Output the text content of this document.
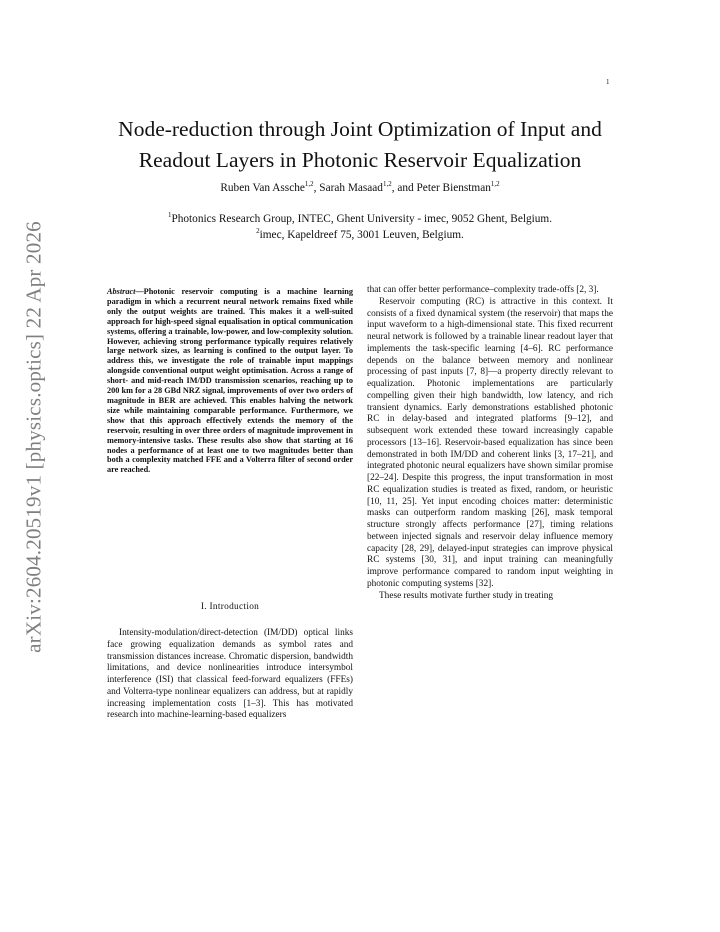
1
arXiv:2604.20519v1 [physics.optics] 22 Apr 2026
Node-reduction through Joint Optimization of Input and Readout Layers in Photonic Reservoir Equalization
Ruben Van Assche$^{1,2}$, Sarah Masaad$^{1,2}$, and Peter Bienstman$^{1,2}$
$^1$Photonics Research Group, INTEC, Ghent University - imec, 9052 Ghent, Belgium.
$^2$imec, Kapeldreef 75, 3001 Leuven, Belgium.
Abstract—Photonic reservoir computing is a machine learning paradigm in which a recurrent neural network remains fixed while only the output weights are trained. This makes it a well-suited approach for high-speed signal equalisation in optical communication systems, offering a trainable, low-power, and low-complexity solution. However, achieving strong performance typically requires relatively large network sizes, as learning is confined to the output layer. To address this, we investigate the role of trainable input mappings alongside conventional output weight optimisation. Across a range of short- and mid-reach IM/DD transmission scenarios, reaching up to 200 km for a 28 GBd NRZ signal, improvements of over two orders of magnitude in BER are achieved. This enables halving the network size while maintaining comparable performance. Furthermore, we show that this approach effectively extends the memory of the reservoir, resulting in over three orders of magnitude improvement in memory-intensive tasks. These results also show that starting at 16 nodes a performance of at least one to two magnitudes better than both a complexity matched FFE and a Volterra filter of second order are reached.
I. Introduction

Intensity-modulation/direct-detection (IM/DD) optical links face growing equalization demands as symbol rates and transmission distances increase. Chromatic dispersion, bandwidth limitations, and device nonlinearities introduce intersymbol interference (ISI) that classical feed-forward equalizers (FFEs) and Volterra-type nonlinear equalizers can address, but at rapidly increasing implementation costs [1–3]. This has motivated research into machine-learning-based equalizers

that can offer better performance–complexity trade-offs [2, 3].

Reservoir computing (RC) is attractive in this context. It consists of a fixed dynamical system (the reservoir) that maps the input waveform to a high-dimensional state. This fixed recurrent neural network is followed by a trainable linear readout layer that implements the task-specific learning [4–6]. RC performance depends on the balance between memory and nonlinear processing of past inputs [7, 8]—a property directly relevant to equalization. Photonic implementations are particularly compelling given their high bandwidth, low latency, and rich transient dynamics. Early demonstrations established photonic RC in delay-based and integrated platforms [9–12], and subsequent work extended these toward increasingly capable processors [13–16]. Reservoir-based equalization has since been demonstrated in both IM/DD and coherent links [3, 17–21], and integrated photonic neural equalizers have shown similar promise [22–24]. Despite this progress, the input transformation in most RC equalization studies is treated as fixed, random, or heuristic [10, 11, 25]. Yet input encoding choices matter: deterministic masks can outperform random masking [26], mask temporal structure strongly affects performance [27], timing relations between injected signals and reservoir delay influence memory capacity [28, 29], delayed-input strategies can improve physical RC systems [30, 31], and input training can meaningfully improve performance compared to random input weighting in photonic computing systems [32].

These results motivate further study in treating
